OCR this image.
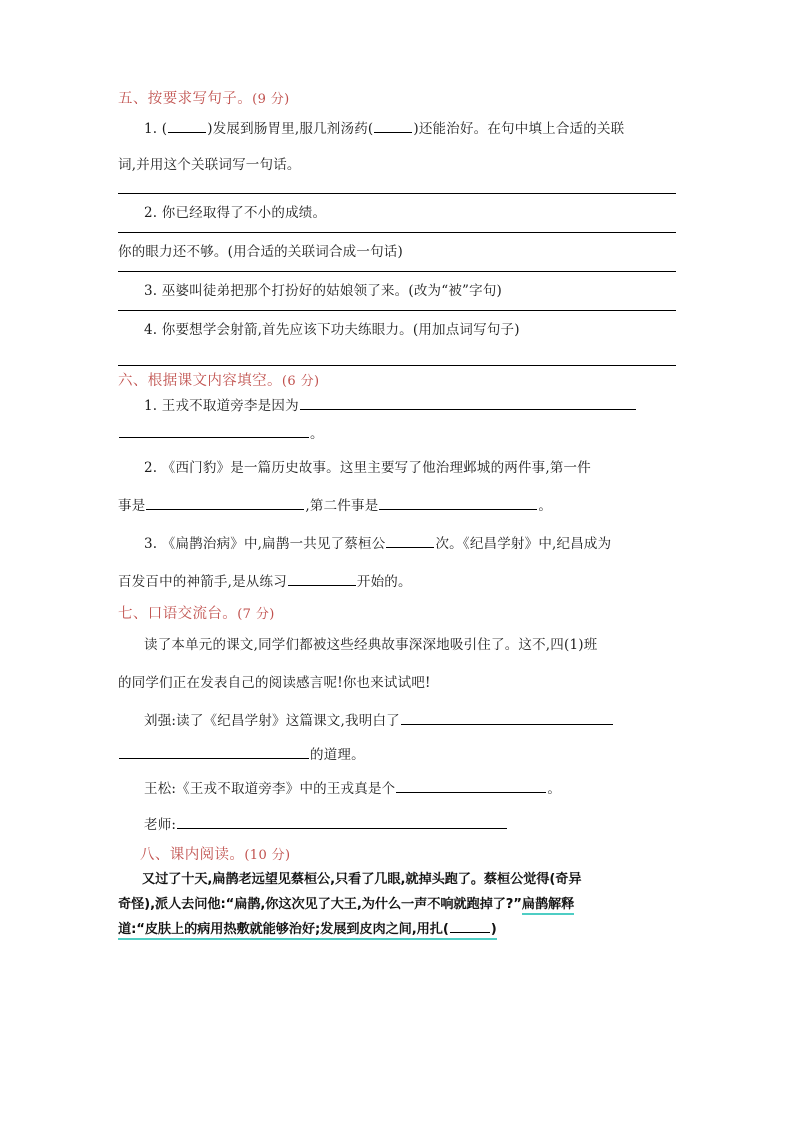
五、按要求写句子。(9 分)
1. (	)发展到肠胃里,服几剂汤药(	)还能治好。在句中填上合适的关联
词,并用这个关联词写一句话。
2. 你已经取得了不小的成绩。
你的眼力还不够。(用合适的关联词合成一句话)
3. 巫婆叫徒弟把那个打扮好的姑娘领了来。(改为“被”字句)
4. 你要想学会射箭,首先应该下功夫练眼力。(用加点词写句子)
六、根据课文内容填空。(6 分)
1. 王戎不取道旁李是因为
。
2. 《西门豹》是一篇历史故事。这里主要写了他治理邺城的两件事,第一件
事是	,第二件事是	。
3. 《扁鹊治病》中,扁鹊一共见了蔡桓公	次。《纪昌学射》中,纪昌成为
百发百中的神箭手,是从练习	开始的。
七、口语交流台。(7 分)
读了本单元的课文,同学们都被这些经典故事深深地吸引住了。这不,四(1)班
的同学们正在发表自己的阅读感言呢!你也来试试吧!
刘强:读了《纪昌学射》这篇课文,我明白了
的道理。
王松:《王戎不取道旁李》中的王戎真是个	。
老师:
八、课内阅读。(10 分)
又过了十天,扁鹊老远望见蔡桓公,只看了几眼,就掉头跑了。蔡桓公觉得(奇异
奇怪),派人去问他:“扁鹊,你这次见了大王,为什么一声不响就跑掉了?”扁鹊解释
道:“皮肤上的病用热敷就能够治好;发展到皮肉之间,用扎(	)
